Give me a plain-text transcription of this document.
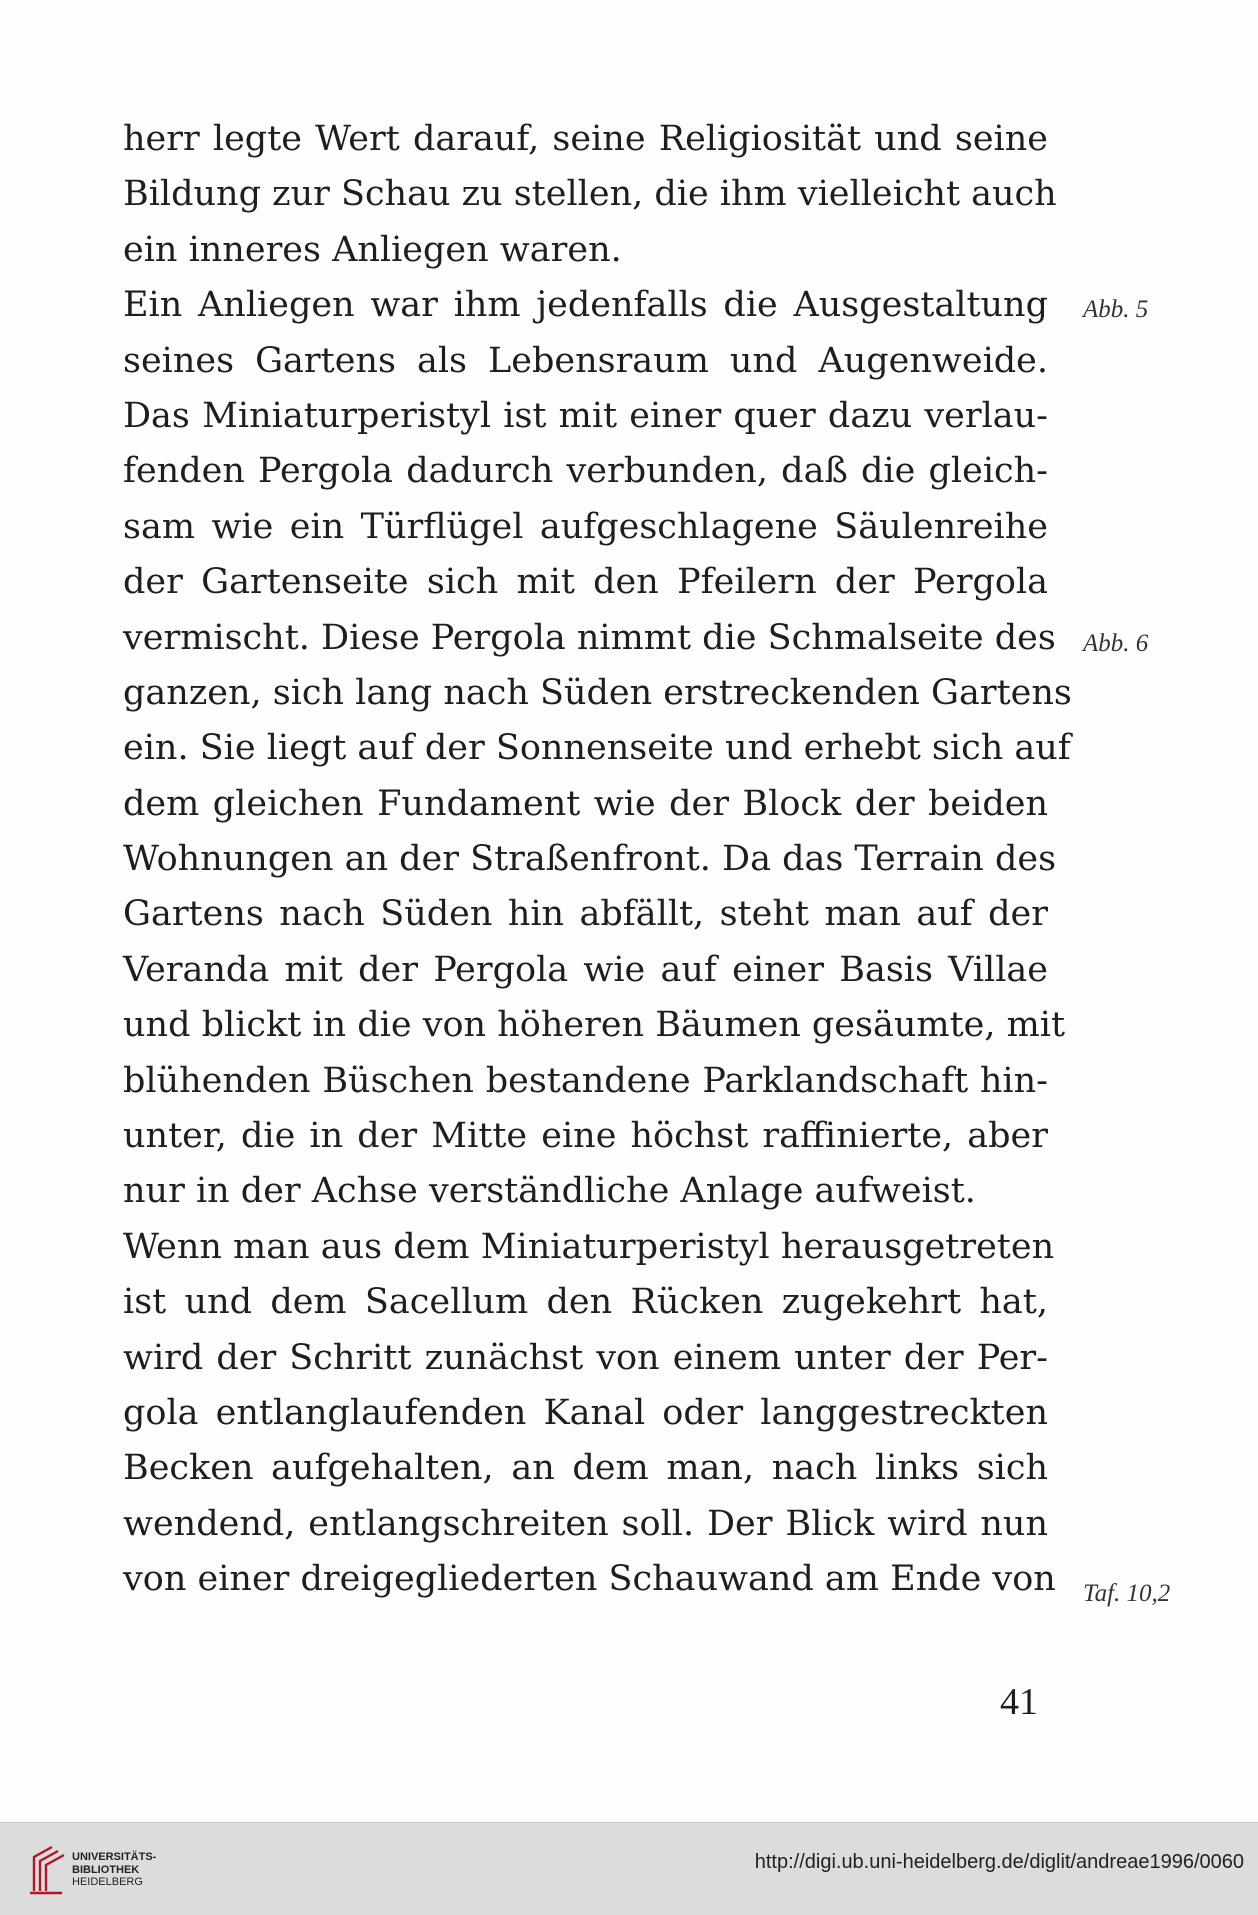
herr legte Wert darauf, seine Religiosität und seine
Bildung zur Schau zu stellen, die ihm vielleicht auch
ein inneres Anliegen waren.
Ein Anliegen war ihm jedenfalls die Ausgestaltung
seines Gartens als Lebensraum und Augenweide.
Das Miniaturperistyl ist mit einer quer dazu verlau-
fenden Pergola dadurch verbunden, daß die gleich-
sam wie ein Türflügel aufgeschlagene Säulenreihe
der Gartenseite sich mit den Pfeilern der Pergola
vermischt. Diese Pergola nimmt die Schmalseite des
ganzen, sich lang nach Süden erstreckenden Gartens
ein. Sie liegt auf der Sonnenseite und erhebt sich auf
dem gleichen Fundament wie der Block der beiden
Wohnungen an der Straßenfront. Da das Terrain des
Gartens nach Süden hin abfällt, steht man auf der
Veranda mit der Pergola wie auf einer Basis Villae
und blickt in die von höheren Bäumen gesäumte, mit
blühenden Büschen bestandene Parklandschaft hin-
unter, die in der Mitte eine höchst raffinierte, aber
nur in der Achse verständliche Anlage aufweist.
Wenn man aus dem Miniaturperistyl herausgetreten
ist und dem Sacellum den Rücken zugekehrt hat,
wird der Schritt zunächst von einem unter der Per-
gola entlanglaufenden Kanal oder langgestreckten
Becken aufgehalten, an dem man, nach links sich
wendend, entlangschreiten soll. Der Blick wird nun
von einer dreigegliederten Schauwand am Ende von
Abb. 5
Abb. 6
Taf. 10,2
41
UNIVERSITÄTS-
BIBLIOTHEK
HEIDELBERG
http://digi.ub.uni-heidelberg.de/diglit/andreae1996/0060
